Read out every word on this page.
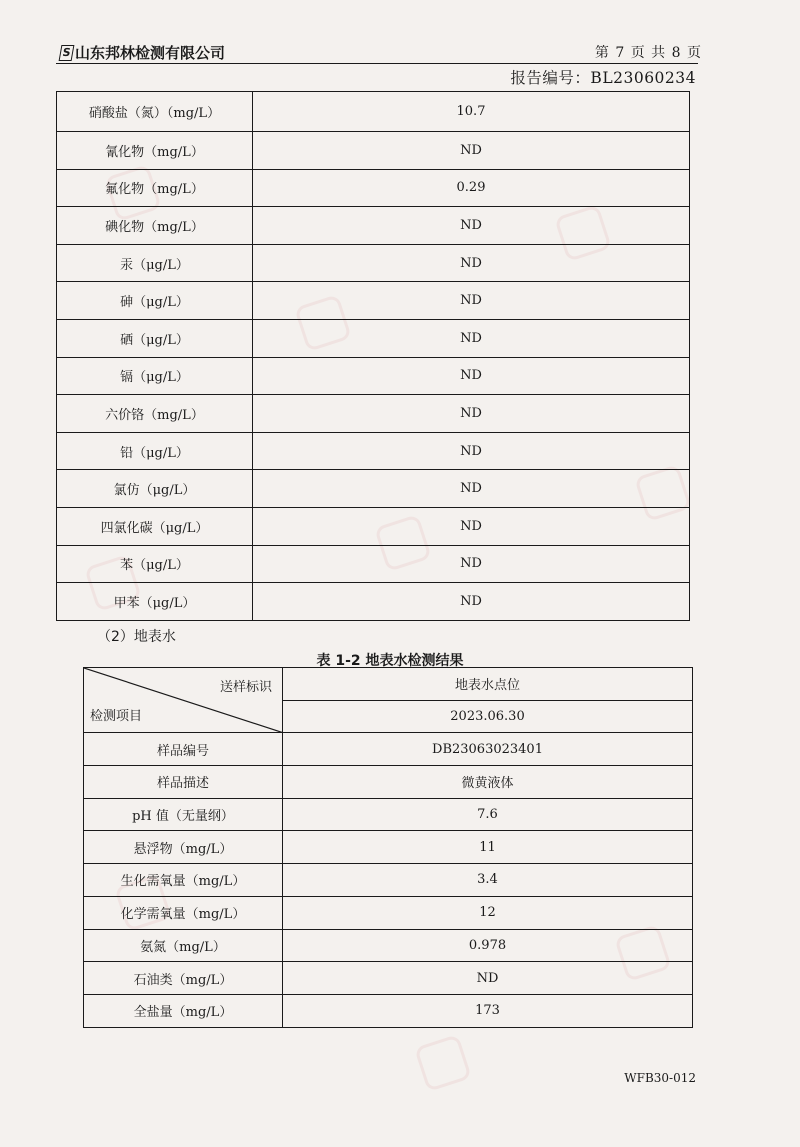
S 山东邦林检测有限公司	第 7 页 共 8 页
报告编号：BL23060234
硝酸盐（氮）（mg/L）	10.7
氰化物（mg/L）	ND
氟化物（mg/L）	0.29
碘化物（mg/L）	ND
汞（μg/L）	ND
砷（μg/L）	ND
硒（μg/L）	ND
镉（μg/L）	ND
六价铬（mg/L）	ND
铅（μg/L）	ND
氯仿（μg/L）	ND
四氯化碳（μg/L）	ND
苯（μg/L）	ND
甲苯（μg/L）	ND
（2）地表水
表 1-2 地表水检测结果
送样标识
检测项目	地表水点位
	2023.06.30
样品编号	DB23063023401
样品描述	微黄液体
pH 值（无量纲）	7.6
悬浮物（mg/L）	11
生化需氧量（mg/L）	3.4
化学需氧量（mg/L）	12
氨氮（mg/L）	0.978
石油类（mg/L）	ND
全盐量（mg/L）	173
WFB30-012
